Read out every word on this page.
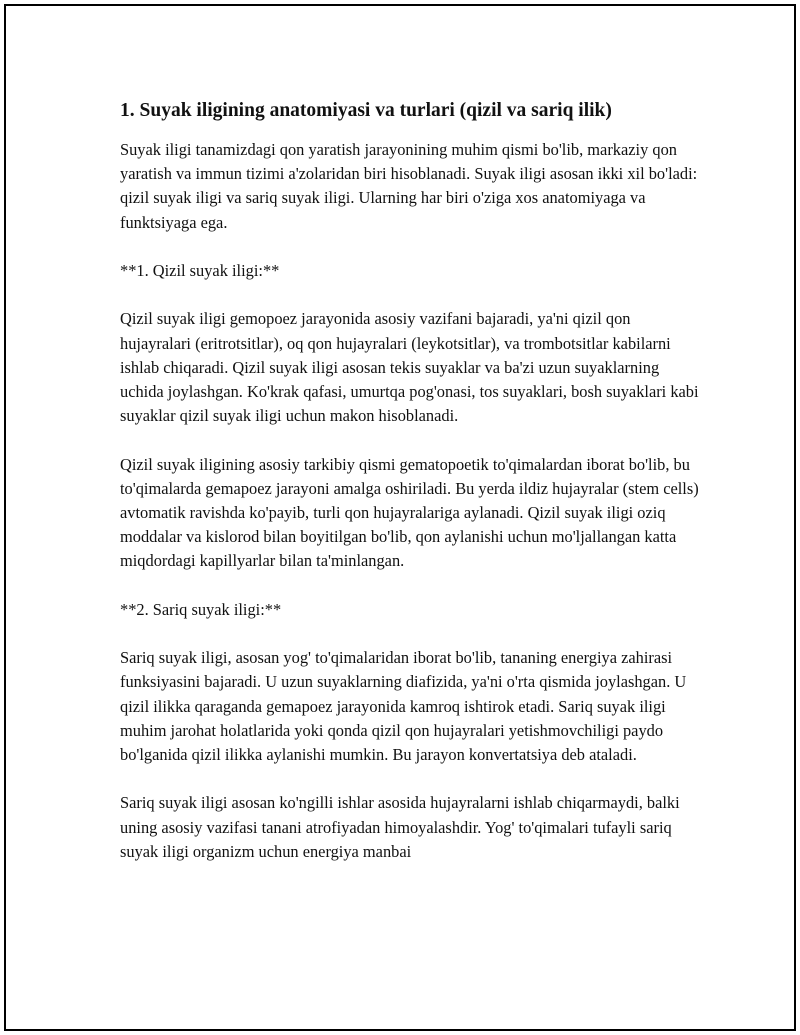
1. Suyak iligining anatomiyasi va turlari (qizil va sariq ilik)

Suyak iligi tanamizdagi qon yaratish jarayonining muhim qismi bo'lib, markaziy qon yaratish va immun tizimi a'zolaridan biri hisoblanadi. Suyak iligi asosan ikki xil bo'ladi: qizil suyak iligi va sariq suyak iligi. Ularning har biri o'ziga xos anatomiyaga va funktsiyaga ega.

**1. Qizil suyak iligi:**

Qizil suyak iligi gemopoez jarayonida asosiy vazifani bajaradi, ya'ni qizil qon hujayralari (eritrotsitlar), oq qon hujayralari (leykotsitlar), va trombotsitlar kabilarni ishlab chiqaradi. Qizil suyak iligi asosan tekis suyaklar va ba'zi uzun suyaklarning uchida joylashgan. Ko'krak qafasi, umurtqa pog'onasi, tos suyaklari, bosh suyaklari kabi suyaklar qizil suyak iligi uchun makon hisoblanadi.

Qizil suyak iligining asosiy tarkibiy qismi gematopoetik to'qimalardan iborat bo'lib, bu to'qimalarda gemapoez jarayoni amalga oshiriladi. Bu yerda ildiz hujayralar (stem cells) avtomatik ravishda ko'payib, turli qon hujayralariga aylanadi. Qizil suyak iligi oziq moddalar va kislorod bilan boyitilgan bo'lib, qon aylanishi uchun mo'ljallangan katta miqdordagi kapillyarlar bilan ta'minlangan.

**2. Sariq suyak iligi:**

Sariq suyak iligi, asosan yog' to'qimalaridan iborat bo'lib, tananing energiya zahirasi funksiyasini bajaradi. U uzun suyaklarning diafizida, ya'ni o'rta qismida joylashgan. U qizil ilikka qaraganda gemapoez jarayonida kamroq ishtirok etadi. Sariq suyak iligi muhim jarohat holatlarida yoki qonda qizil qon hujayralari yetishmovchiligi paydo bo'lganida qizil ilikka aylanishi mumkin. Bu jarayon konvertatsiya deb ataladi.

Sariq suyak iligi asosan ko'ngilli ishlar asosida hujayralarni ishlab chiqarmaydi, balki uning asosiy vazifasi tanani atrofiyadan himoyalashdir. Yog' to'qimalari tufayli sariq suyak iligi organizm uchun energiya manbai
